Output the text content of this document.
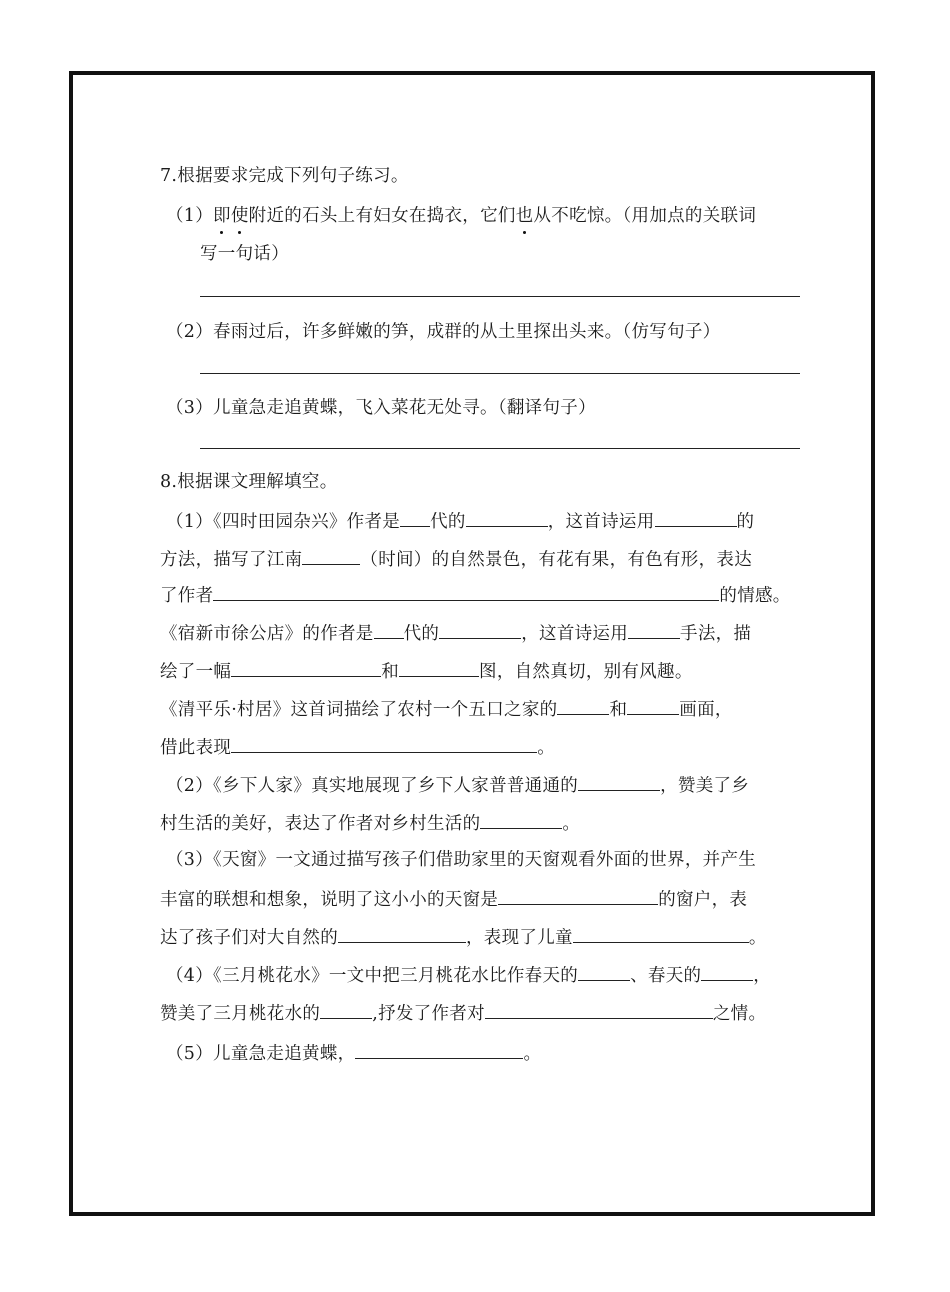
7.根据要求完成下列句子练习。
（1）即使附近的石头上有妇女在捣衣，它们也从不吃惊。（用加点的关联词
写一句话）
（2）春雨过后，许多鲜嫩的笋，成群的从土里探出头来。（仿写句子）
（3）儿童急走追黄蝶，飞入菜花无处寻。（翻译句子）
8.根据课文理解填空。
（1）《四时田园杂兴》作者是 代的	，这首诗运用	的
方法，描写了江南	（时间）的自然景色，有花有果，有色有形，表达
了作者	的情感。
《宿新市徐公店》的作者是 代的	，这首诗运用	手法，描
绘了一幅	和	图，自然真切，别有风趣。
《清平乐·村居》这首词描绘了农村一个五口之家的	和	画面，
借此表现	。
（2）《乡下人家》真实地展现了乡下人家普普通通的	，赞美了乡
村生活的美好，表达了作者对乡村生活的	。
（3）《天窗》一文通过描写孩子们借助家里的天窗观看外面的世界，并产生
丰富的联想和想象，说明了这小小的天窗是	的窗户，表
达了孩子们对大自然的	，表现了儿童	。
（4）《三月桃花水》一文中把三月桃花水比作春天的	、春天的	，
赞美了三月桃花水的	,抒发了作者对	之情。
（5）儿童急走追黄蝶，	。
